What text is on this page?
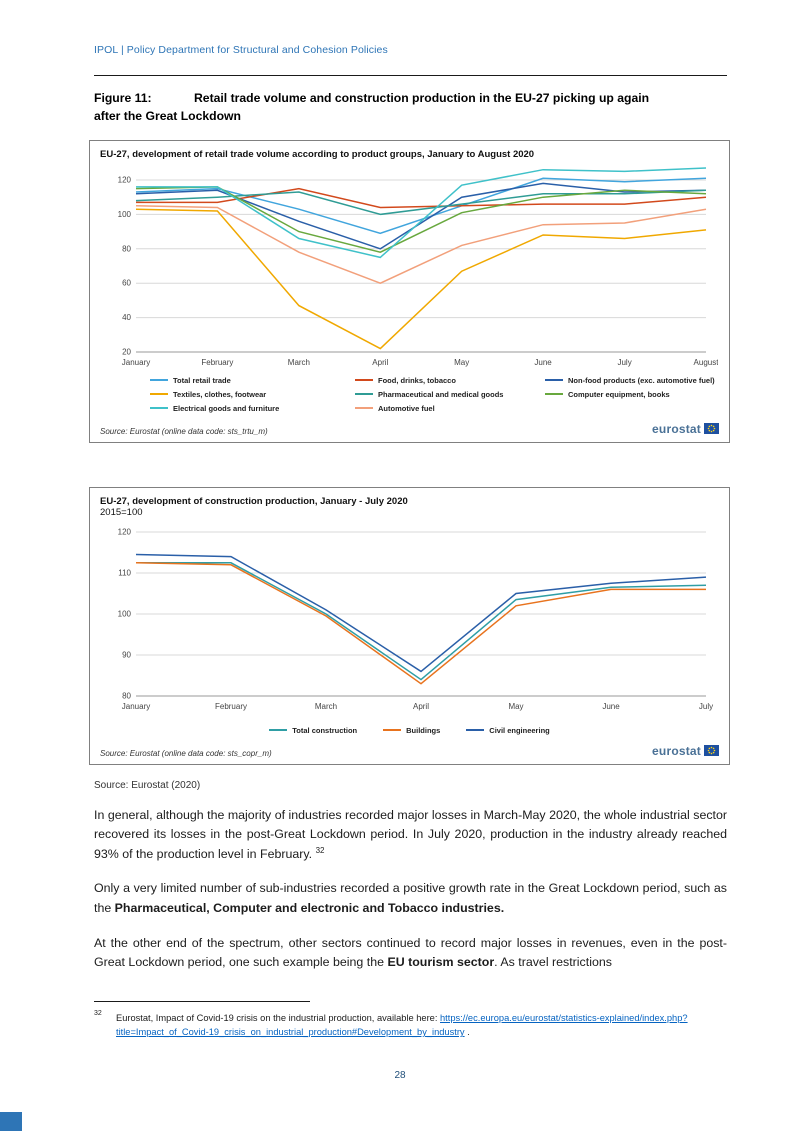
IPOL | Policy Department for Structural and Cohesion Policies
Figure 11:	Retail trade volume and construction production in the EU-27 picking up again
after the Great Lockdown
EU-27, development of retail trade volume according to product groups, January to August 2020
20
40
60
80
100
120
January	February	March	April	May	June	July	August
Total retail trade	Food, drinks, tobacco	Non-food products (exc. automotive fuel)
Textiles, clothes, footwear	Pharmaceutical and medical goods	Computer equipment, books
Electrical goods and furniture	Automotive fuel
Source: Eurostat (online data code: sts_trtu_m)	eurostat
EU-27, development of construction production, January - July 2020
2015=100
80
90
100
110
120
January	February	March	April	May	June	July
Total construction	Buildings	Civil engineering
Source: Eurostat (online data code: sts_copr_m)	eurostat
Source: Eurostat (2020)

In general, although the majority of industries recorded major losses in March-May 2020, the whole industrial sector recovered its losses in the post-Great Lockdown period. In July 2020, production in the industry already reached 93% of the production level in February. $^{32}$

Only a very limited number of sub-industries recorded a positive growth rate in the Great Lockdown period, such as the Pharmaceutical, Computer and electronic and Tobacco industries.

At the other end of the spectrum, other sectors continued to record major losses in revenues, even in the post-Great Lockdown period, one such example being the EU tourism sector. As travel restrictions

32	Eurostat, Impact of Covid-19 crisis on the industrial production, available here: https://ec.europa.eu/eurostat/statistics-explained/index.php?title=Impact_of_Covid-19_crisis_on_industrial_production#Development_by_industry .
28
